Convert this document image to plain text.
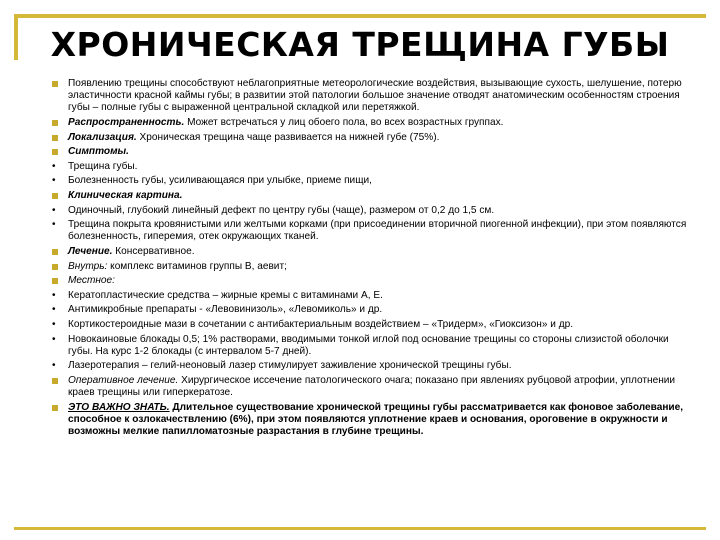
ХРОНИЧЕСКАЯ ТРЕЩИНА ГУБЫ
Появлению трещины способствуют неблагоприятные метеорологические воздействия, вызывающие сухость, шелушение, потерю эластичности красной каймы губы; в развитии этой патологии большое значение отводят анатомическим особенностям строения губы – полные губы с выраженной центральной складкой или перетяжкой.
Распространенность. Может встречаться у лиц обоего пола, во всех возрастных группах.
Локализация. Хроническая трещина чаще развивается на нижней губе (75%).
Симптомы.
• Трещина губы.
• Болезненность губы, усиливающаяся при улыбке, приеме пищи,
Клиническая картина.
• Одиночный, глубокий линейный дефект по центру губы (чаще), размером от 0,2 до 1,5 см.
• Трещина покрыта кровянистыми или желтыми корками (при присоединении вторичной пиогенной инфекции), при этом появляются болезненность, гиперемия, отек окружающих тканей.
Лечение. Консервативное.
Внутрь: комплекс витаминов группы В, аевит;
Местное:
• Кератопластические средства – жирные кремы с витаминами А, Е.
• Антимикробные препараты - «Левовинизоль», «Левомиколь» и др.
• Кортикостероидные мази в сочетании с антибактериальным воздействием – «Тридерм», «Гиоксизон» и др.
• Новокаиновые блокады 0,5; 1% растворами, вводимыми тонкой иглой под основание трещины со стороны слизистой оболочки губы. На курс 1-2 блокады (с интервалом 5-7 дней).
• Лазеротерапия – гелий-неоновый лазер стимулирует заживление хронической трещины губы.
Оперативное лечение. Хирургическое иссечение патологического очага; показано при явлениях рубцовой атрофии, уплотнении краев трещины или гиперкератозе.
ЭТО ВАЖНО ЗНАТЬ. Длительное существование хронической трещины губы рассматривается как фоновое заболевание, способное к озлокачествлению (6%), при этом появляются уплотнение краев и основания, ороговение в окружности и возможны мелкие папилломатозные разрастания в глубине трещины.
